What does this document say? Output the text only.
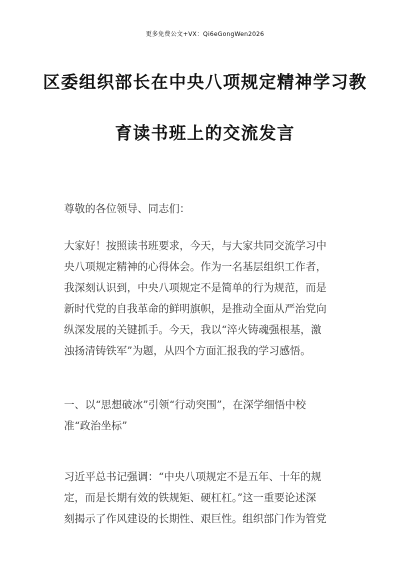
更多免费公文+VX：Qi6eGongWen2026
区委组织部长在中央八项规定精神学习教
育读书班上的交流发言
尊敬的各位领导、同志们：
大家好！按照读书班要求，今天，与大家共同交流学习中
央八项规定精神的心得体会。作为一名基层组织工作者，
我深刻认识到，中央八项规定不是简单的行为规范，而是
新时代党的自我革命的鲜明旗帜，是推动全面从严治党向
纵深发展的关键抓手。今天，我以“淬火铸魂强根基，激
浊扬清铸铁军”为题，从四个方面汇报我的学习感悟。
一、以“思想破冰”引领“行动突围”，在深学细悟中校
准“政治坐标”
习近平总书记强调：“中央八项规定不是五年、十年的规
定，而是长期有效的铁规矩、硬杠杠。”这一重要论述深
刻揭示了作风建设的长期性、艰巨性。组织部门作为管党
